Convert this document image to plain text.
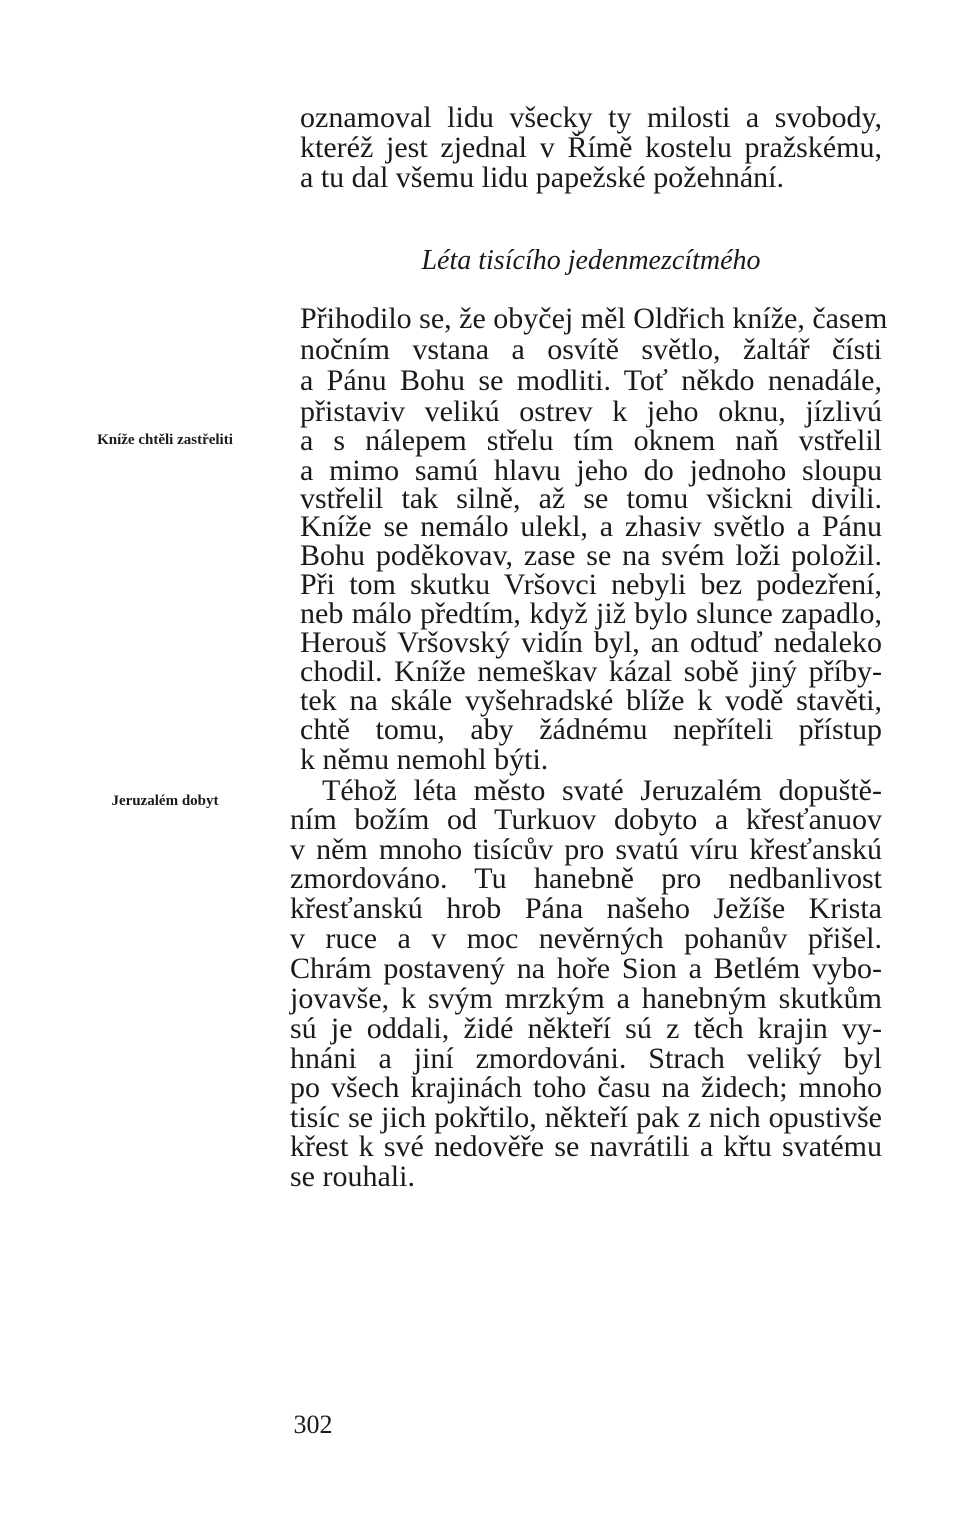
oznamoval lidu všecky ty milosti a svobody,
kteréž jest zjednal v Římě kostelu pražskému,
a tu dal všemu lidu papežské požehnání.
Léta tisícího jedenmezcítmého
Přihodilo se, že obyčej měl Oldřich kníže, časem
nočním vstana a osvítě světlo, žaltář čísti
a Pánu Bohu se modliti. Toť někdo nenadále,
přistaviv velikú ostrev k jeho oknu, jízlivú
a s nálepem střelu tím oknem naň vstřelil
a mimo samú hlavu jeho do jednoho sloupu
vstřelil tak silně, až se tomu všickni divili.
Kníže se nemálo ulekl, a zhasiv světlo a Pánu
Bohu poděkovav, zase se na svém loži položil.
Při tom skutku Vršovci nebyli bez podezření,
neb málo předtím, když již bylo slunce zapadlo,
Herouš Vršovský vidín byl, an odtuď nedaleko
chodil. Kníže nemeškav kázal sobě jiný příby-
tek na skále vyšehradské blíže k vodě stavěti,
chtě tomu, aby žádnému nepříteli přístup
k němu nemohl býti.
Téhož léta město svaté Jeruzalém dopuště-
ním božím od Turkuov dobyto a křesťanuov
v něm mnoho tisícův pro svatú víru křesťanskú
zmordováno. Tu hanebně pro nedbanlivost
křesťanskú hrob Pána našeho Ježíše Krista
v ruce a v moc nevěrných pohanův přišel.
Chrám postavený na hoře Sion a Betlém vybo-
jovavše, k svým mrzkým a hanebným skutkům
sú je oddali, židé někteří sú z těch krajin vy-
hnáni a jiní zmordováni. Strach veliký byl
po všech krajinách toho času na židech; mnoho
tisíc se jich pokřtilo, někteří pak z nich opustivše
křest k své nedověře se navrátili a křtu svatému
se rouhali.
Kníže chtěli zastřeliti
Jeruzalém dobyt
302
